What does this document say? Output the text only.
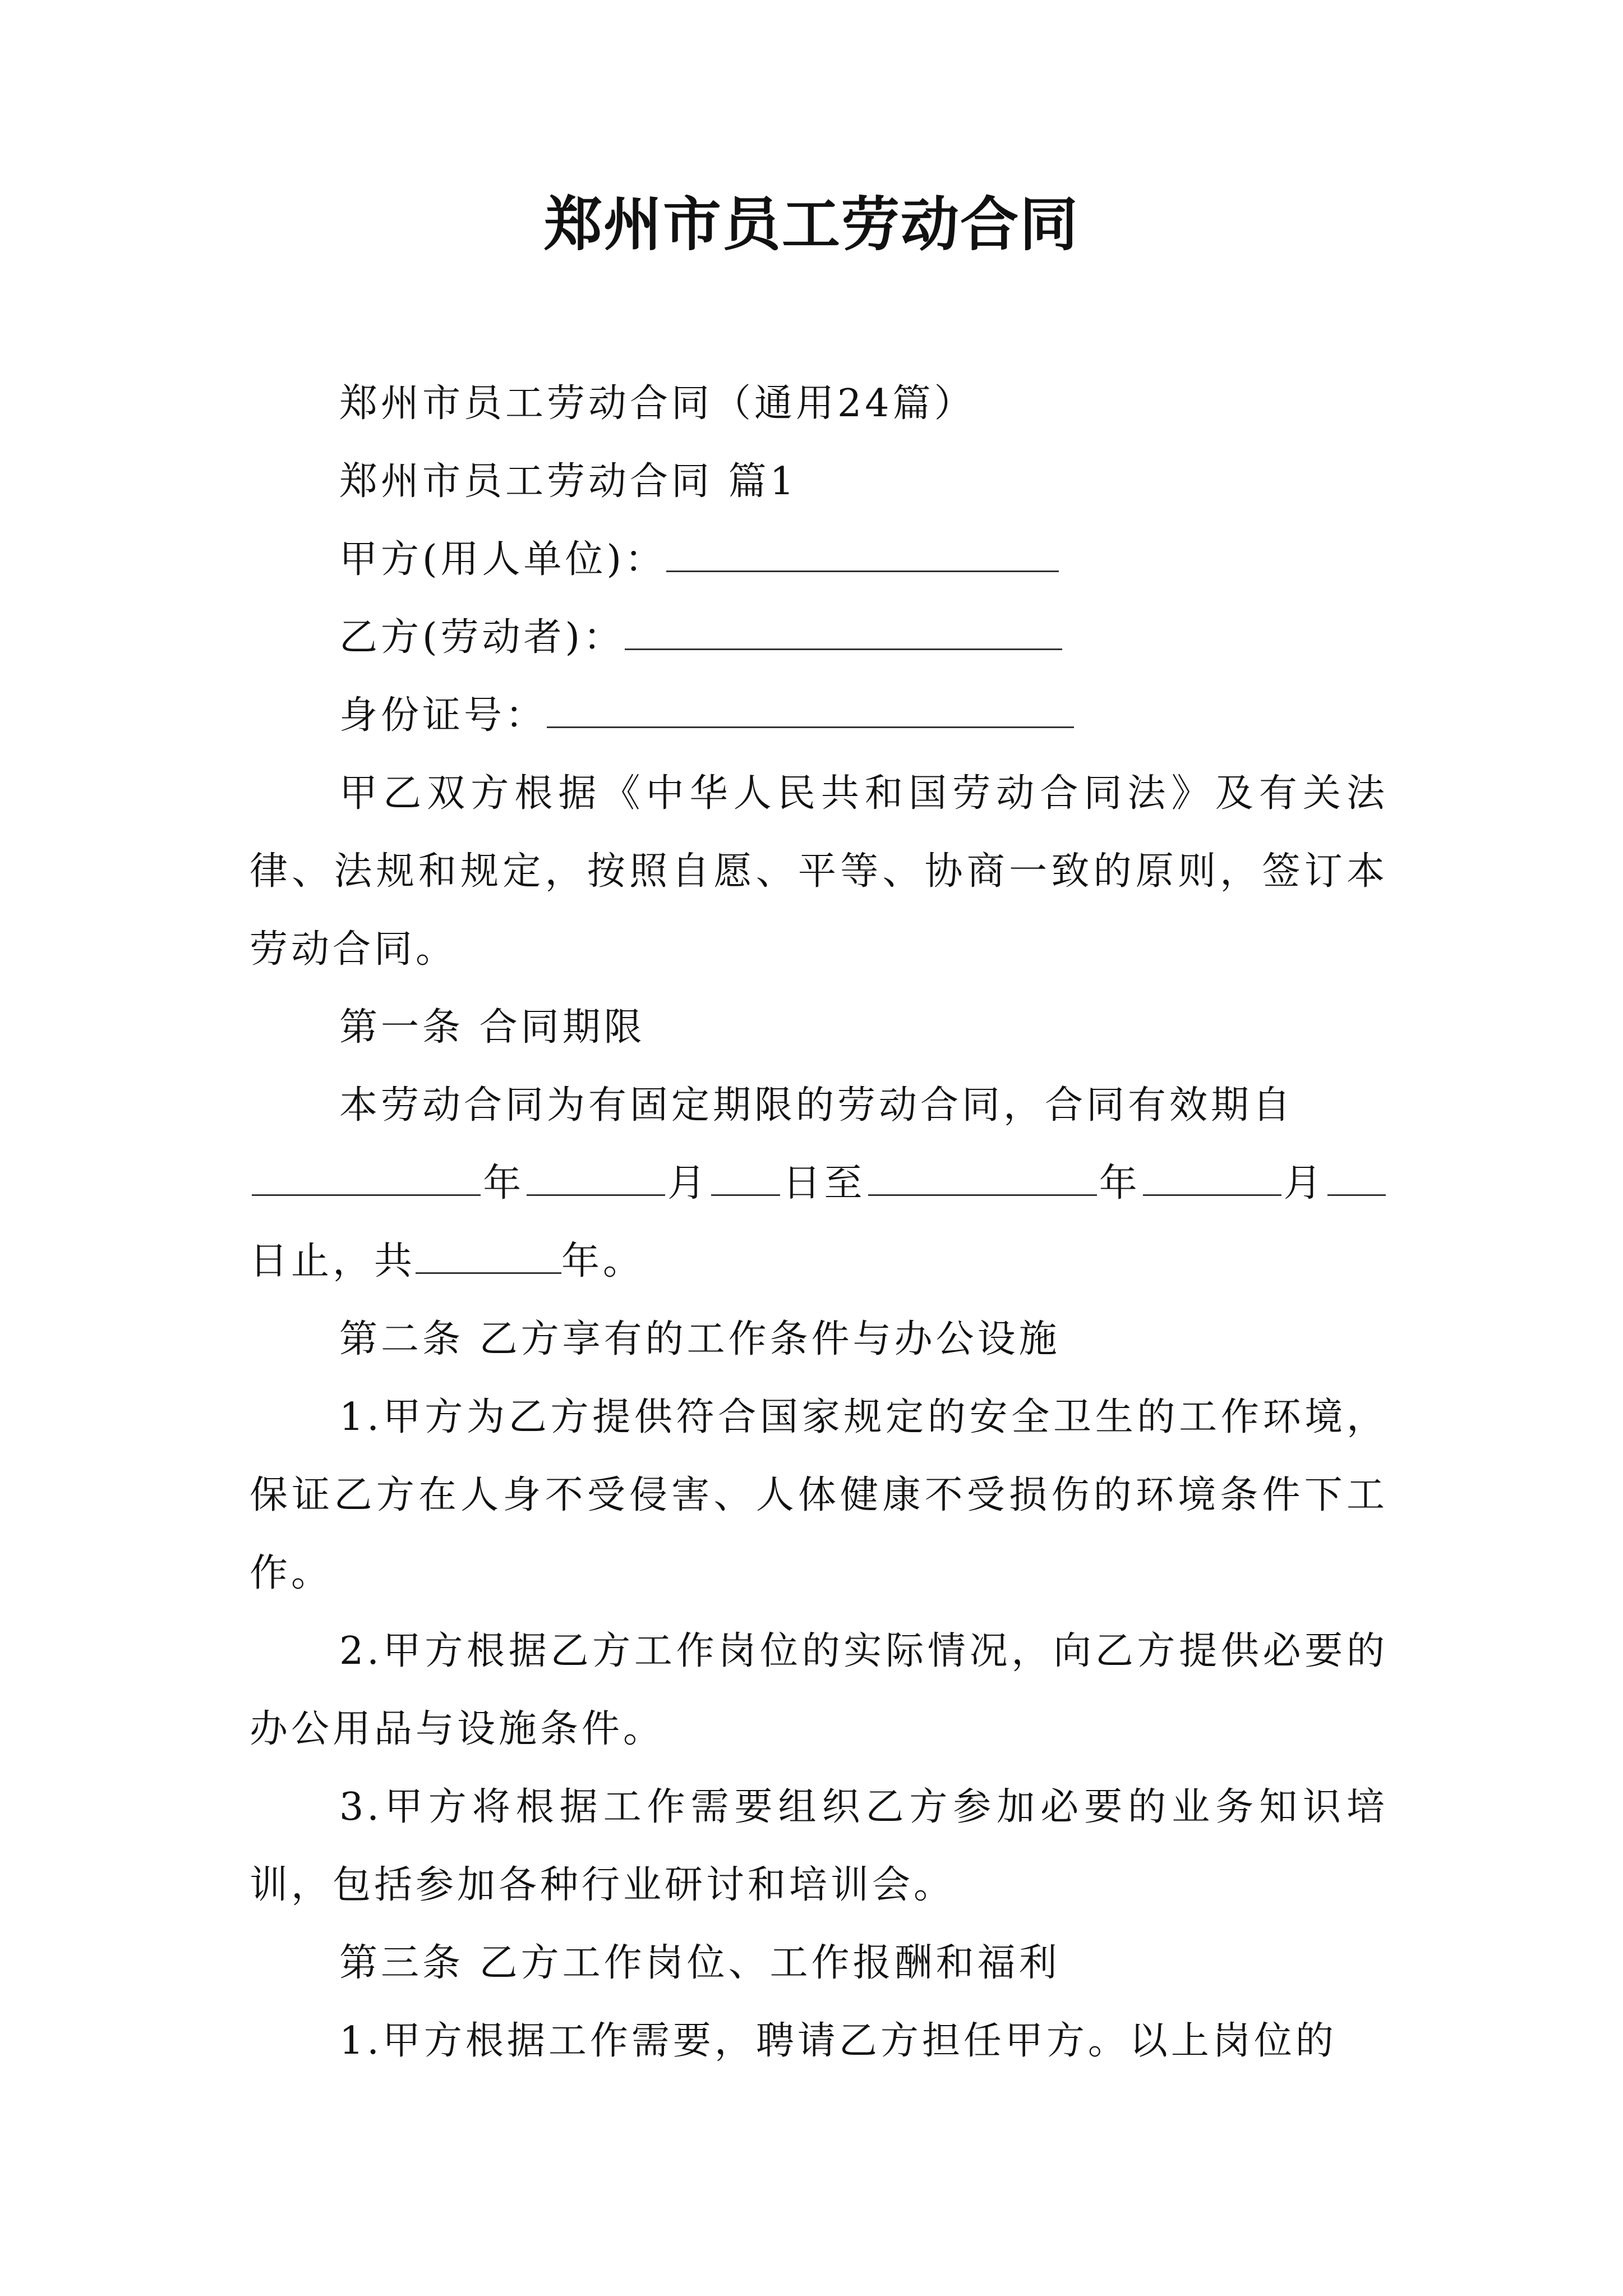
郑州市员工劳动合同

郑州市员工劳动合同（通用24篇）

郑州市员工劳动合同 篇1

甲方(用人单位)：

乙方(劳动者)：

身份证号：

甲乙双方根据《中华人民共和国劳动合同法》及有关法律、法规和规定，按照自愿、平等、协商一致的原则，签订本劳动合同。

第一条 合同期限

本劳动合同为有固定期限的劳动合同，合同有效期自

年	月 日至	年	月

日止，共	年。

第二条 乙方享有的工作条件与办公设施

1.甲方为乙方提供符合国家规定的安全卫生的工作环境，保证乙方在人身不受侵害、人体健康不受损伤的环境条件下工作。

2.甲方根据乙方工作岗位的实际情况，向乙方提供必要的办公用品与设施条件。

3.甲方将根据工作需要组织乙方参加必要的业务知识培训，包括参加各种行业研讨和培训会。

第三条 乙方工作岗位、工作报酬和福利

1.甲方根据工作需要，聘请乙方担任甲方。以上岗位的
